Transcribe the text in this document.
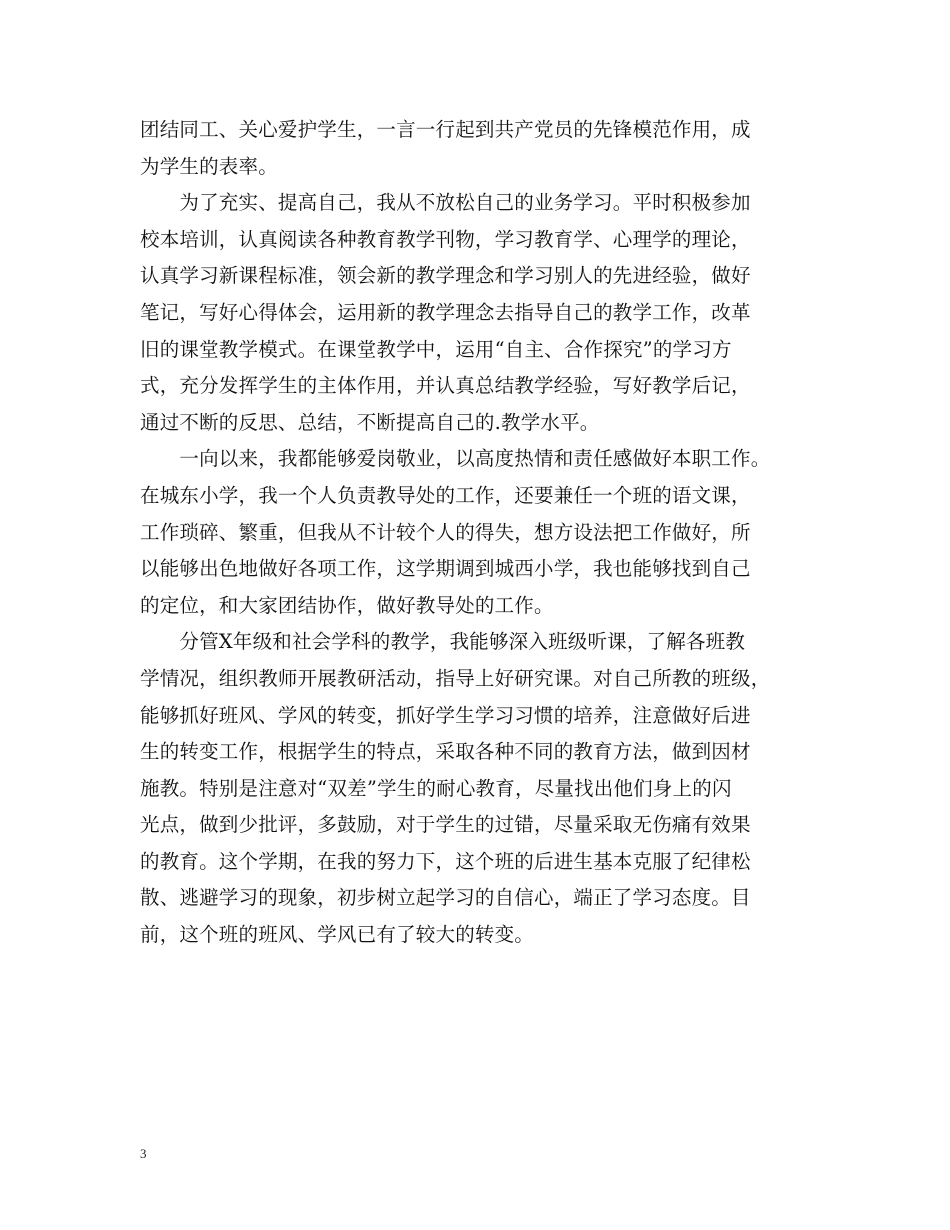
团结同工、关心爱护学生，一言一行起到共产党员的先锋模范作用，成
为学生的表率。
　　为了充实、提高自己，我从不放松自己的业务学习。平时积极参加
校本培训，认真阅读各种教育教学刊物，学习教育学、心理学的理论，
认真学习新课程标准，领会新的教学理念和学习别人的先进经验，做好
笔记，写好心得体会，运用新的教学理念去指导自己的教学工作，改革
旧的课堂教学模式。在课堂教学中，运用“自主、合作探究”的学习方
式，充分发挥学生的主体作用，并认真总结教学经验，写好教学后记，
通过不断的反思、总结，不断提高自己的.教学水平。
　　一向以来，我都能够爱岗敬业，以高度热情和责任感做好本职工作。
在城东小学，我一个人负责教导处的工作，还要兼任一个班的语文课，
工作琐碎、繁重，但我从不计较个人的得失，想方设法把工作做好，所
以能够出色地做好各项工作，这学期调到城西小学，我也能够找到自己
的定位，和大家团结协作，做好教导处的工作。
　　分管X年级和社会学科的教学，我能够深入班级听课，了解各班教
学情况，组织教师开展教研活动，指导上好研究课。对自己所教的班级，
能够抓好班风、学风的转变，抓好学生学习习惯的培养，注意做好后进
生的转变工作，根据学生的特点，采取各种不同的教育方法，做到因材
施教。特别是注意对“双差”学生的耐心教育，尽量找出他们身上的闪
光点，做到少批评，多鼓励，对于学生的过错，尽量采取无伤痛有效果
的教育。这个学期，在我的努力下，这个班的后进生基本克服了纪律松
散、逃避学习的现象，初步树立起学习的自信心，端正了学习态度。目
前，这个班的班风、学风已有了较大的转变。
3
